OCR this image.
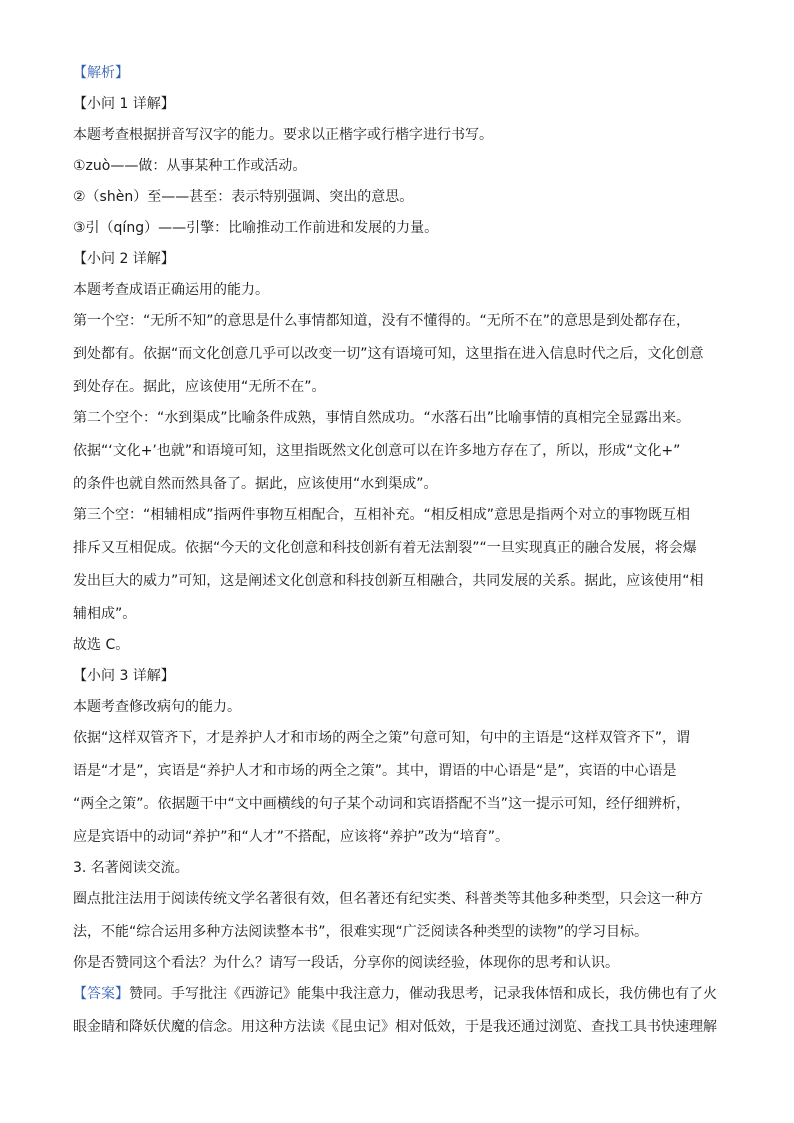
【解析】
【小问 1 详解】
本题考查根据拼音写汉字的能力。要求以正楷字或行楷字进行书写。
①zuò——做：从事某种工作或活动。
②（shèn）至——甚至：表示特别强调、突出的意思。
③引（qíng）——引擎：比喻推动工作前进和发展的力量。
【小问 2 详解】
本题考查成语正确运用的能力。
第一个空：“无所不知”的意思是什么事情都知道，没有不懂得的。“无所不在”的意思是到处都存在，
到处都有。依据“而文化创意几乎可以改变一切”这有语境可知，这里指在进入信息时代之后，文化创意
到处存在。据此，应该使用“无所不在”。
第二个空个：“水到渠成”比喻条件成熟，事情自然成功。“水落石出”比喻事情的真相完全显露出来。
依据“‘文化+’也就”和语境可知，这里指既然文化创意可以在许多地方存在了，所以，形成“文化+”
的条件也就自然而然具备了。据此，应该使用“水到渠成”。
第三个空：“相辅相成”指两件事物互相配合，互相补充。“相反相成”意思是指两个对立的事物既互相
排斥又互相促成。依据“今天的文化创意和科技创新有着无法割裂”“一旦实现真正的融合发展，将会爆
发出巨大的威力”可知，这是阐述文化创意和科技创新互相融合，共同发展的关系。据此，应该使用“相
辅相成”。
故选 C。
【小问 3 详解】
本题考查修改病句的能力。
依据“这样双管齐下，才是养护人才和市场的两全之策”句意可知，句中的主语是“这样双管齐下”，谓
语是“才是”，宾语是“养护人才和市场的两全之策”。其中，谓语的中心语是“是”，宾语的中心语是
“两全之策”。依据题干中“文中画横线的句子某个动词和宾语搭配不当”这一提示可知，经仔细辨析，
应是宾语中的动词“养护”和“人才”不搭配，应该将“养护”改为“培育”。
3. 名著阅读交流。
圈点批注法用于阅读传统文学名著很有效，但名著还有纪实类、科普类等其他多种类型，只会这一种方
法，不能“综合运用多种方法阅读整本书”，很难实现“广泛阅读各种类型的读物”的学习目标。
你是否赞同这个看法？为什么？请写一段话，分享你的阅读经验，体现你的思考和认识。
【答案】赞同。手写批注《西游记》能集中我注意力，催动我思考，记录我体悟和成长，我仿佛也有了火
眼金睛和降妖伏魔的信念。用这种方法读《昆虫记》相对低效，于是我还通过浏览、查找工具书快速理解
